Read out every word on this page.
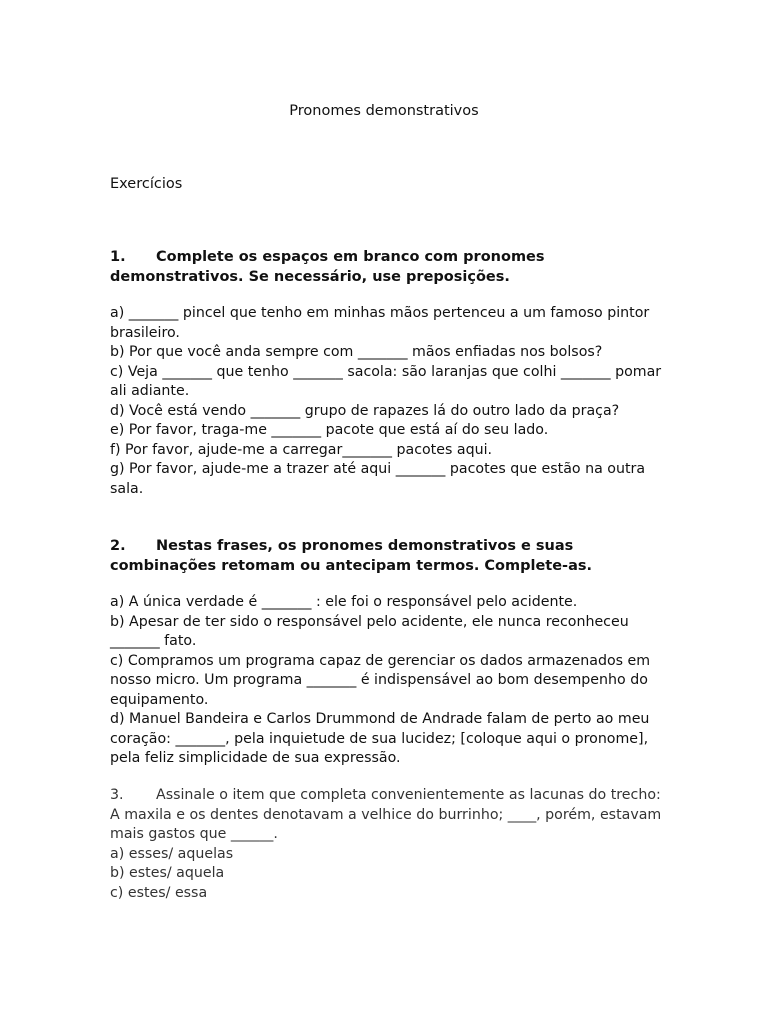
Pronomes demonstrativos
Exercícios

1. Complete os espaços em branco com pronomes demonstrativos. Se necessário, use preposições.

a) _______ pincel que tenho em minhas mãos pertenceu a um famoso pintor brasileiro.

b) Por que você anda sempre com _______ mãos enfiadas nos bolsos?

c) Veja _______ que tenho _______ sacola: são laranjas que colhi _______ pomar ali adiante.

d) Você está vendo _______ grupo de rapazes lá do outro lado da praça?

e) Por favor, traga-me _______ pacote que está aí do seu lado.

f) Por favor, ajude-me a carregar_______ pacotes aqui.

g) Por favor, ajude-me a trazer até aqui _______ pacotes que estão na outra sala.

2. Nestas frases, os pronomes demonstrativos e suas combinações retomam ou antecipam termos. Complete-as.

a) A única verdade é _______ : ele foi o responsável pelo acidente.

b) Apesar de ter sido o responsável pelo acidente, ele nunca reconheceu _______ fato.

c) Compramos um programa capaz de gerenciar os dados armazenados em nosso micro. Um programa _______ é indispensável ao bom desempenho do equipamento.

d) Manuel Bandeira e Carlos Drummond de Andrade falam de perto ao meu coração: _______, pela inquietude de sua lucidez; [coloque aqui o pronome], pela feliz simplicidade de sua expressão.

3. Assinale o item que completa convenientemente as lacunas do trecho:

A maxila e os dentes denotavam a velhice do burrinho; ____, porém, estavam mais gastos que ______.

a) esses/ aquelas

b) estes/ aquela

c) estes/ essa
